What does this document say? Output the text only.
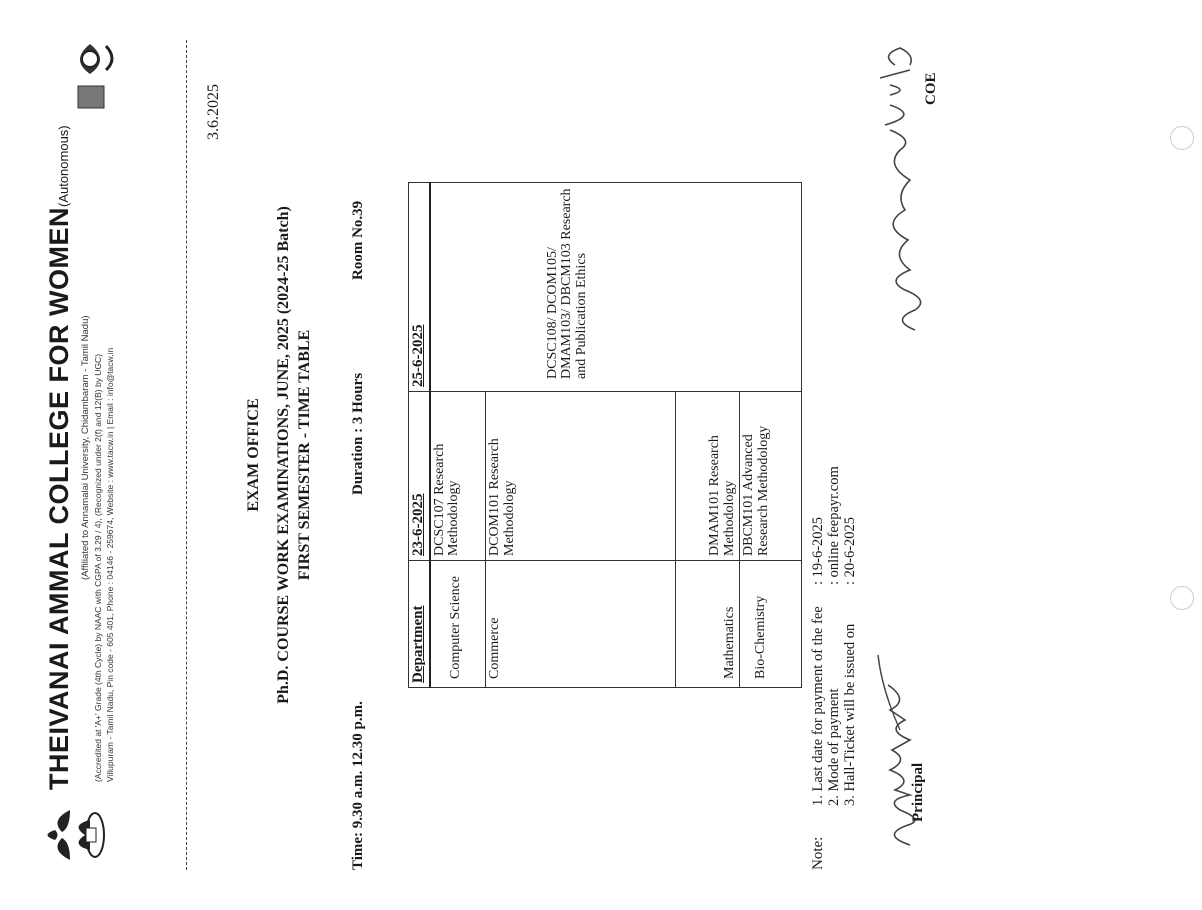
THEIVANAI AMMAL COLLEGE FOR WOMEN(Autonomous)
(Affiliated to Annamalai University, Chidambaram - Tamil Nadu) (Accredited at 'A+' Grade (4th Cycle) by NAAC with CGPA of 3.29 / 4), (Recognized under 2(f) and 12(B) by UGC) Villupuram - Tamil Nadu, Pin code - 605 401, Phone : 04146 - 259674, Website : www.tacw.in | Email : info@tacw.in
3.6.2025
EXAM OFFICE Ph.D. COURSE WORK EXAMINATIONS, JUNE, 2025 (2024-25 Batch) FIRST SEMESTER - TIME TABLE
Time: 9.30 a.m. 12.30 p.m.
Duration : 3 Hours
Room No.39
Department	23-6-2025	25-6-2025
Computer Science	DCSC107 Research Methodology	DCSC108/ DCOM105/ DMAM103/ DBCM103 Research and Publication Ethics
Commerce	DCOM101 Research Methodology	
Mathematics	DMAM101 Research Methodology	
Bio-Chemistry	DBCM101 Advanced Research Methodology	
Note:
1. Last date for payment of the fee
: 19-6-2025
2. Mode of payment
: online feepayr.com
3. Hall-Ticket will be issued on
: 20-6-2025
Principal
COE
